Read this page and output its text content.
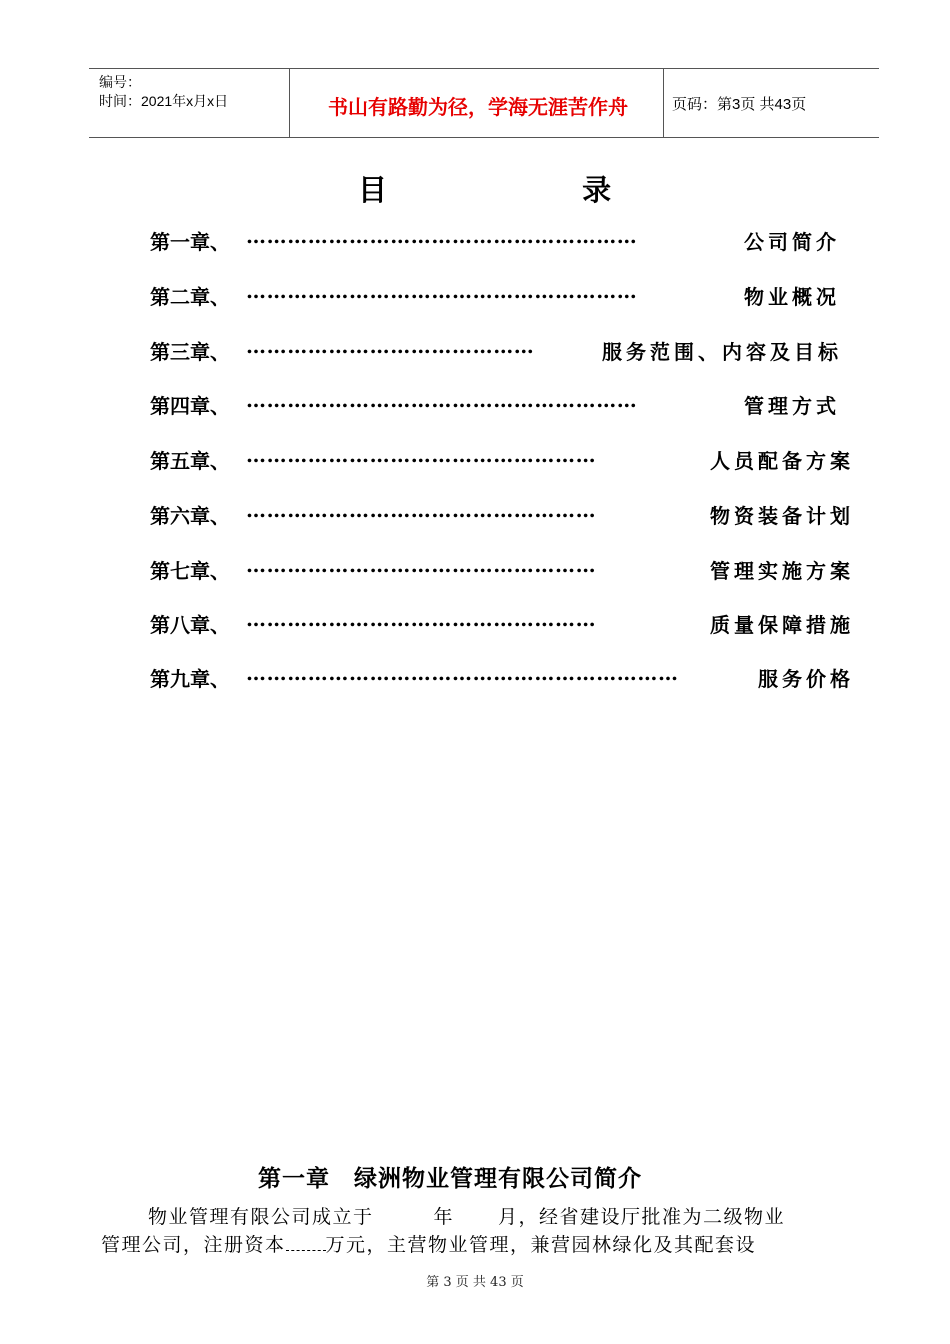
编号：
时间：2021年x月x日	书山有路勤为径，学海无涯苦作舟	页码：第3页 共43页
目	录
第一章、 …………………………………………………	公司简介
第二章、 …………………………………………………	物业概况
第三章、 ……………………………………	服务范围、内容及目标
第四章、 …………………………………………………	管理方式
第五章、 ……………………………………………	人员配备方案
第六章、 ……………………………………………	物资装备计划
第七章、 ……………………………………………	管理实施方案
第八章、 ……………………………………………	质量保障措施
第九章、 ………………………………………………………	服务价格
第一章　绿洲物业管理有限公司简介
物业管理有限公司成立于	年 月，经省建设厅批准为二级物业
管理公司，注册资本 万元，主营物业管理，兼营园林绿化及其配套设
第 3 页 共 43 页
